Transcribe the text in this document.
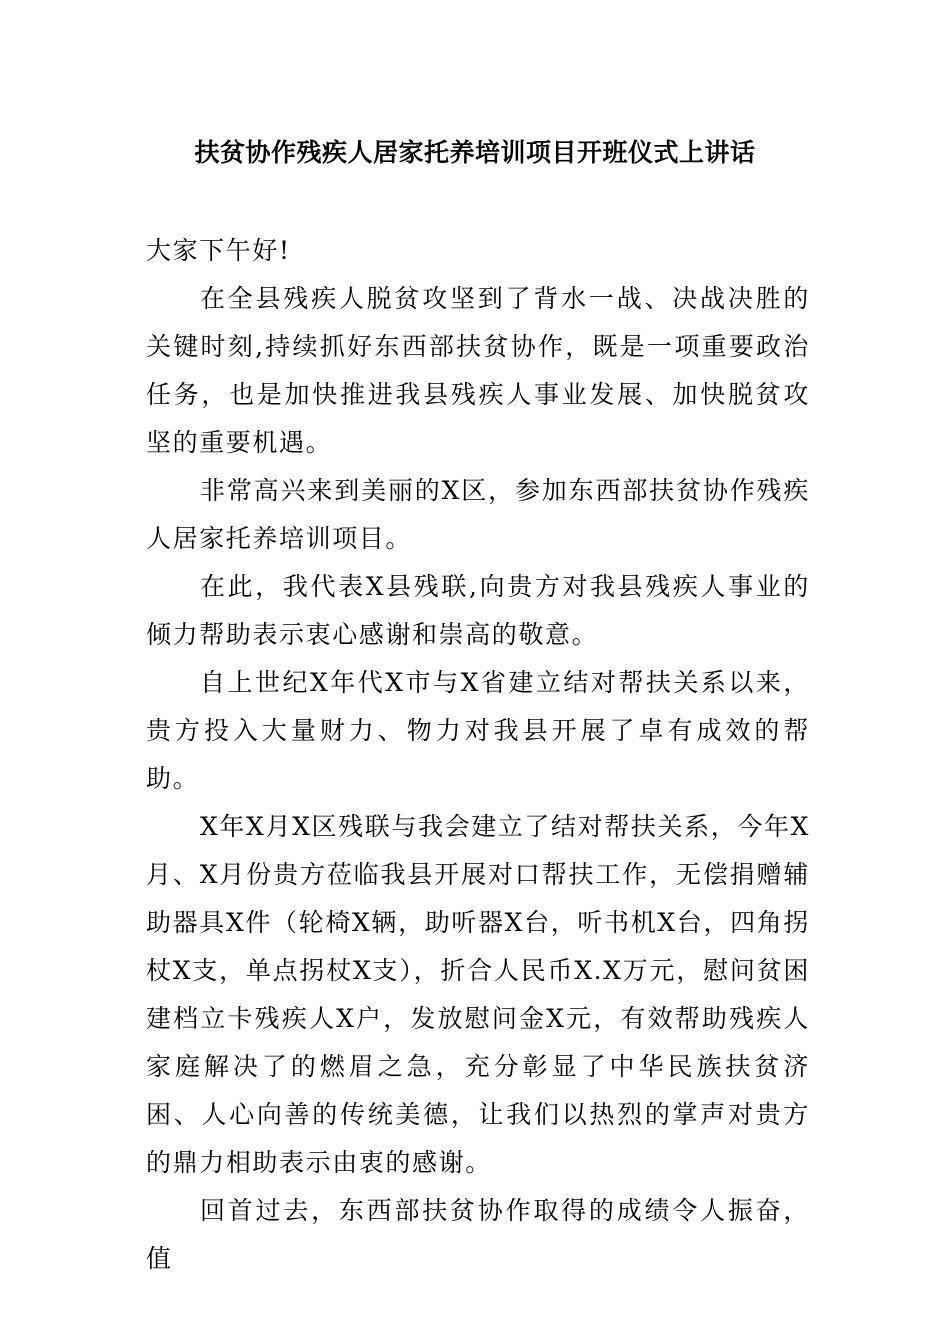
扶贫协作残疾人居家托养培训项目开班仪式上讲话

大家下午好!

在全县残疾人脱贫攻坚到了背水一战、决战决胜的关键时刻,持续抓好东西部扶贫协作，既是一项重要政治任务，也是加快推进我县残疾人事业发展、加快脱贫攻坚的重要机遇。

非常高兴来到美丽的X区，参加东西部扶贫协作残疾人居家托养培训项目。

在此，我代表X县残联,向贵方对我县残疾人事业的倾力帮助表示衷心感谢和崇高的敬意。

自上世纪X年代X市与X省建立结对帮扶关系以来，贵方投入大量财力、物力对我县开展了卓有成效的帮助。

X年X月X区残联与我会建立了结对帮扶关系，今年X月、X月份贵方莅临我县开展对口帮扶工作，无偿捐赠辅助器具X件（轮椅X辆，助听器X台，听书机X台，四角拐杖X支，单点拐杖X支），折合人民币X.X万元，慰问贫困建档立卡残疾人X户，发放慰问金X元，有效帮助残疾人家庭解决了的燃眉之急，充分彰显了中华民族扶贫济困、人心向善的传统美德，让我们以热烈的掌声对贵方的鼎力相助表示由衷的感谢。

回首过去，东西部扶贫协作取得的成绩令人振奋，值
